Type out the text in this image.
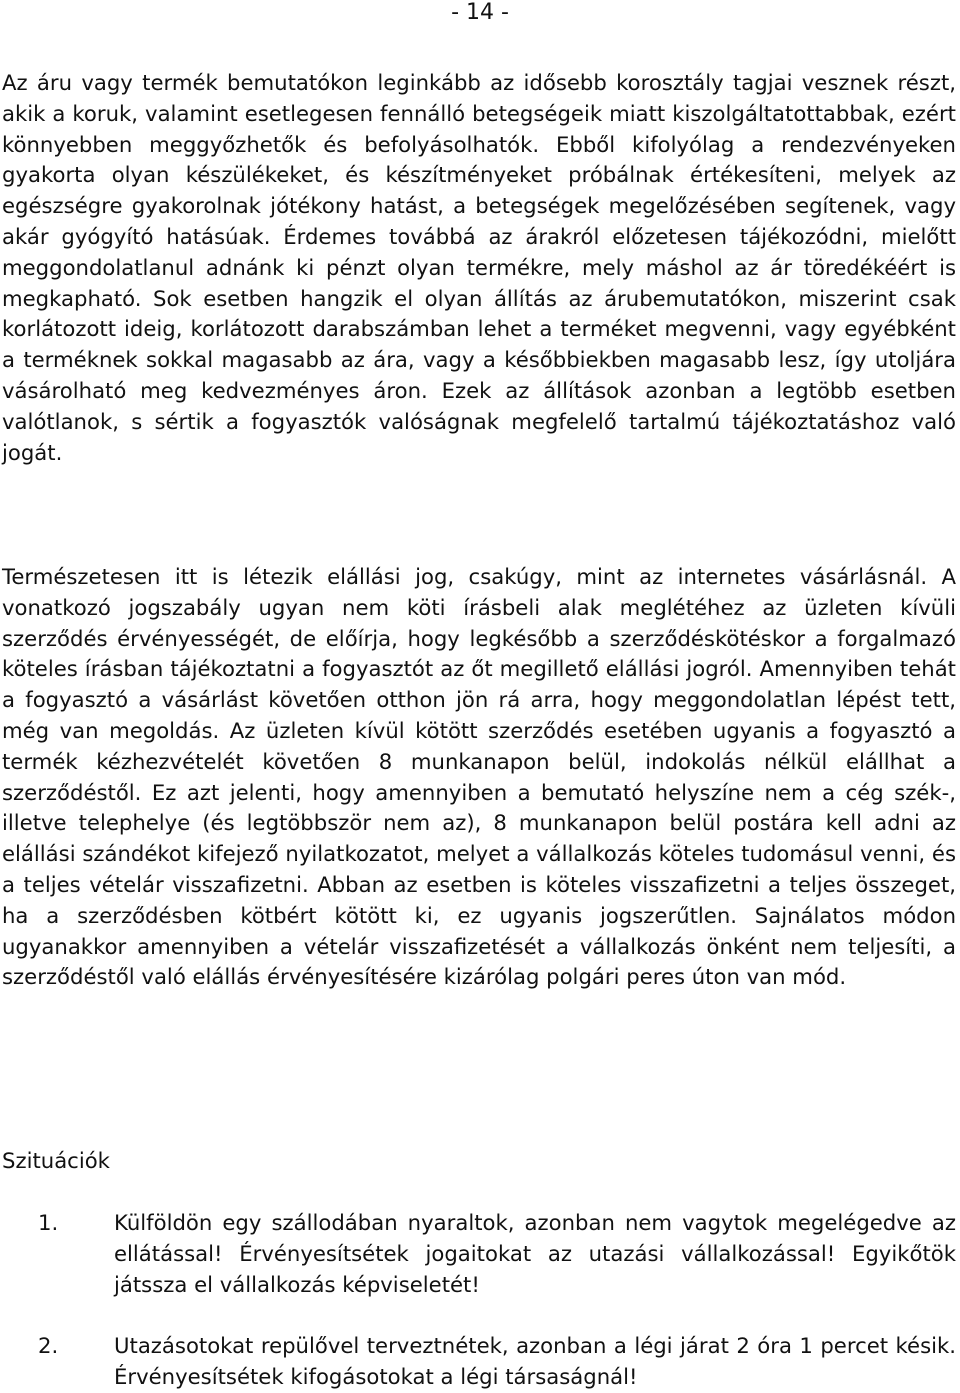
- 14 -

Az áru vagy termék bemutatókon leginkább az idősebb korosztály tagjai vesznek részt, akik a koruk, valamint esetlegesen fennálló betegségeik miatt kiszolgáltatottabbak, ezért könnyebben meggyőzhetők és befolyásolhatók. Ebből kifolyólag a rendezvényeken gyakorta olyan készülékeket, és készítményeket próbálnak értékesíteni, melyek az egészségre gyakorolnak jótékony hatást, a betegségek megelőzésében segítenek, vagy akár gyógyító hatásúak. Érdemes továbbá az árakról előzetesen tájékozódni, mielőtt meggondolatlanul adnánk ki pénzt olyan termékre, mely máshol az ár töredékéért is megkapható. Sok esetben hangzik el olyan állítás az árubemutatókon, miszerint csak korlátozott ideig, korlátozott darabszámban lehet a terméket megvenni, vagy egyébként a terméknek sokkal magasabb az ára, vagy a későbbiekben magasabb lesz, így utoljára vásárolható meg kedvezményes áron. Ezek az állítások azonban a legtöbb esetben valótlanok, s sértik a fogyasztók valóságnak megfelelő tartalmú tájékoztatáshoz való jogát.

Természetesen itt is létezik elállási jog, csakúgy, mint az internetes vásárlásnál. A vonatkozó jogszabály ugyan nem köti írásbeli alak meglétéhez az üzleten kívüli szerződés érvényességét, de előírja, hogy legkésőbb a szerződéskötéskor a forgalmazó köteles írásban tájékoztatni a fogyasztót az őt megillető elállási jogról. Amennyiben tehát a fogyasztó a vásárlást követően otthon jön rá arra, hogy meggondolatlan lépést tett, még van megoldás. Az üzleten kívül kötött szerződés esetében ugyanis a fogyasztó a termék kézhezvételét követően 8 munkanapon belül, indokolás nélkül elállhat a szerződéstől. Ez azt jelenti, hogy amennyiben a bemutató helyszíne nem a cég szék-, illetve telephelye (és legtöbbször nem az), 8 munkanapon belül postára kell adni az elállási szándékot kifejező nyilatkozatot, melyet a vállalkozás köteles tudomásul venni, és a teljes vételár visszafizetni. Abban az esetben is köteles visszafizetni a teljes összeget, ha a szerződésben kötbért kötött ki, ez ugyanis jogszerűtlen. Sajnálatos módon ugyanakkor amennyiben a vételár visszafizetését a vállalkozás önként nem teljesíti, a szerződéstől való elállás érvényesítésére kizárólag polgári peres úton van mód.

Szituációk
1.	Külföldön egy szállodában nyaraltok, azonban nem vagytok megelégedve az ellátással! Érvényesítsétek jogaitokat az utazási vállalkozással! Egyikőtök játssza el vállalkozás képviseletét!
2.	Utazásotokat repülővel terveztnétek, azonban a légi járat 2 óra 1 percet késik. Érvényesítsétek kifogásotokat a légi társaságnál!
